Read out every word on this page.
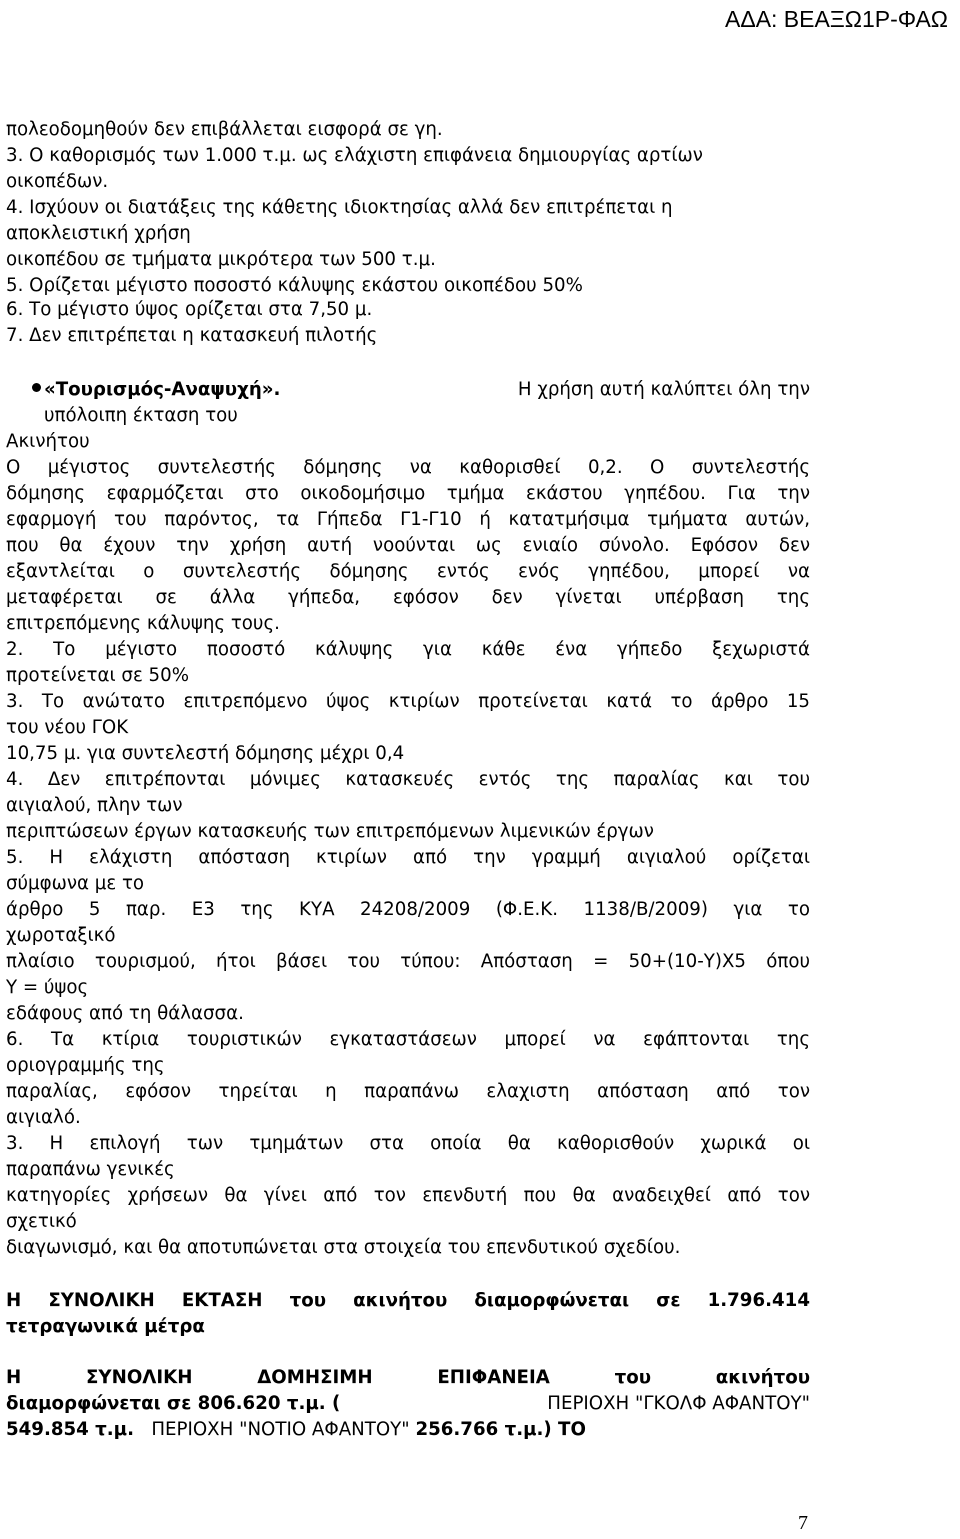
ΑΔΑ: ΒΕΑΞΩ1Ρ-ΦΑΩ
πολεοδομηθούν δεν επιβάλλεται εισφορά σε γη.
3. Ο καθορισμός των 1.000 τ.μ. ως ελάχιστη επιφάνεια δημιουργίας αρτίων
οικοπέδων.
4. Ισχύουν οι διατάξεις της κάθετης ιδιοκτησίας αλλά δεν επιτρέπεται η
αποκλειστική χρήση
οικοπέδου σε τμήματα μικρότερα των 500 τ.μ.
5. Ορίζεται μέγιστο ποσοστό κάλυψης εκάστου οικοπέδου 50%
6. Το μέγιστο ύψος ορίζεται στα 7,50 μ.
7. Δεν επιτρέπεται η κατασκευή πιλοτής
«Τουρισμός-Αναψυχή».	Η χρήση αυτή καλύπτει όλη την
υπόλοιπη έκταση του
Ακινήτου
Ο μέγιστος συντελεστής δόμησης να καθορισθεί 0,2. Ο συντελεστής
δόμησης εφαρμόζεται στο οικοδομήσιμο τμήμα εκάστου γηπέδου. Για την
εφαρμογή του παρόντος, τα Γήπεδα Γ1-Γ10 ή κατατμήσιμα τμήματα αυτών,
που θα έχουν την χρήση αυτή νοούνται ως ενιαίο σύνολο. Εφόσον δεν
εξαντλείται ο συντελεστής δόμησης εντός ενός γηπέδου, μπορεί να
μεταφέρεται σε άλλα γήπεδα, εφόσον δεν γίνεται υπέρβαση της
επιτρεπόμενης κάλυψης τους.
2. Το μέγιστο ποσοστό κάλυψης για κάθε ένα γήπεδο ξεχωριστά
προτείνεται σε 50%
3. Το ανώτατο επιτρεπόμενο ύψος κτιρίων προτείνεται κατά το άρθρο 15
του νέου ΓΟΚ
10,75 μ. για συντελεστή δόμησης μέχρι 0,4
4. Δεν επιτρέπονται μόνιμες κατασκευές εντός της παραλίας και του
αιγιαλού, πλην των
περιπτώσεων έργων κατασκευής των επιτρεπόμενων λιμενικών έργων
5. Η ελάχιστη απόσταση κτιρίων από την γραμμή αιγιαλού ορίζεται
σύμφωνα με το
άρθρο 5 παρ. Ε3 της ΚΥΑ 24208/2009 (Φ.Ε.Κ. 1138/Β/2009) για το
χωροταξικό
πλαίσιο τουρισμού, ήτοι βάσει του τύπου: Απόσταση = 50+(10-Υ)Χ5 όπου
Υ = ύψος
εδάφους από τη θάλασσα.
6. Τα κτίρια τουριστικών εγκαταστάσεων μπορεί να εφάπτονται της
οριογραμμής της
παραλίας, εφόσον τηρείται η παραπάνω ελαχιστη απόσταση από τον
αιγιαλό.
3. Η επιλογή των τμημάτων στα οποία θα καθορισθούν χωρικά οι
παραπάνω γενικές
κατηγορίες χρήσεων θα γίνει από τον επενδυτή που θα αναδειχθεί από τον
σχετικό
διαγωνισμό, και θα αποτυπώνεται στα στοιχεία του επενδυτικού σχεδίου.
Η ΣΥΝΟΛΙΚΗ ΕΚΤΑΣΗ του ακινήτου διαμορφώνεται σε 1.796.414
τετραγωνικά μέτρα
Η ΣΥΝΟΛΙΚΗ ΔΟΜΗΣΙΜΗ ΕΠΙΦΑΝΕΙΑ του ακινήτου
διαμορφώνεται σε 806.620 τ.μ. (	ΠΕΡΙΟΧΗ "ΓΚΟΛΦ ΑΦΑΝΤΟΥ"
549.854 τ.μ. ΠΕΡΙΟΧΗ "ΝΟΤΙΟ ΑΦΑΝΤΟΥ" 256.766 τ.μ.) ΤΟ
7
